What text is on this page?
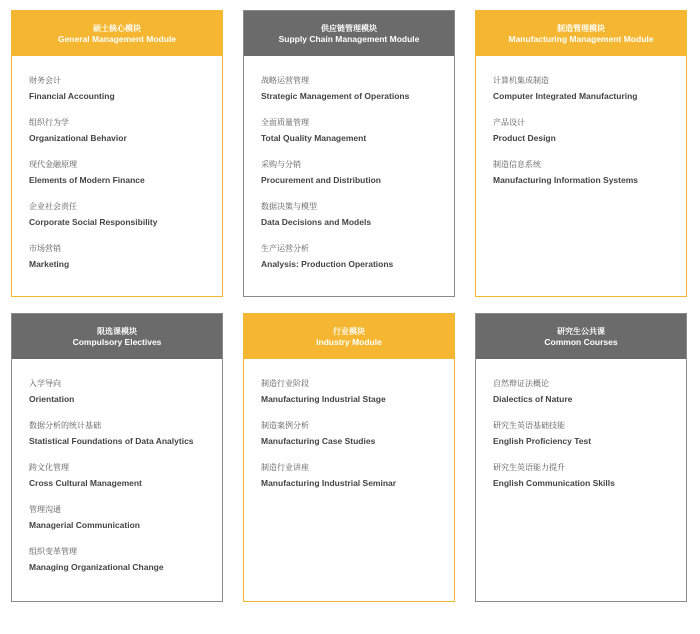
硕士核心模块
General Management Module
财务会计
Financial Accounting
组织行为学
Organizational Behavior
现代金融原理
Elements of Modern Finance
企业社会责任
Corporate Social Responsibility
市场营销
Marketing
供应链管理模块
Supply Chain Management Module
战略运营管理
Strategic Management of Operations
全面质量管理
Total Quality Management
采购与分销
Procurement and Distribution
数据决策与模型
Data Decisions and Models
生产运营分析
Analysis: Production Operations
制造管理模块
Manufacturing Management Module
计算机集成制造
Computer Integrated Manufacturing
产品设计
Product Design
制造信息系统
Manufacturing Information Systems
限选课模块
Compulsory Electives
入学导向
Orientation
数据分析的统计基础
Statistical Foundations of Data Analytics
跨文化管理
Cross Cultural Management
管理沟通
Managerial Communication
组织变革管理
Managing Organizational Change
行业模块
Industry Module
制造行业阶段
Manufacturing Industrial Stage
制造案例分析
Manufacturing Case Studies
制造行业讲座
Manufacturing Industrial Seminar
研究生公共课
Common Courses
自然辩证法概论
Dialectics of Nature
研究生英语基础技能
English Proficiency Test
研究生英语能力提升
English Communication Skills
